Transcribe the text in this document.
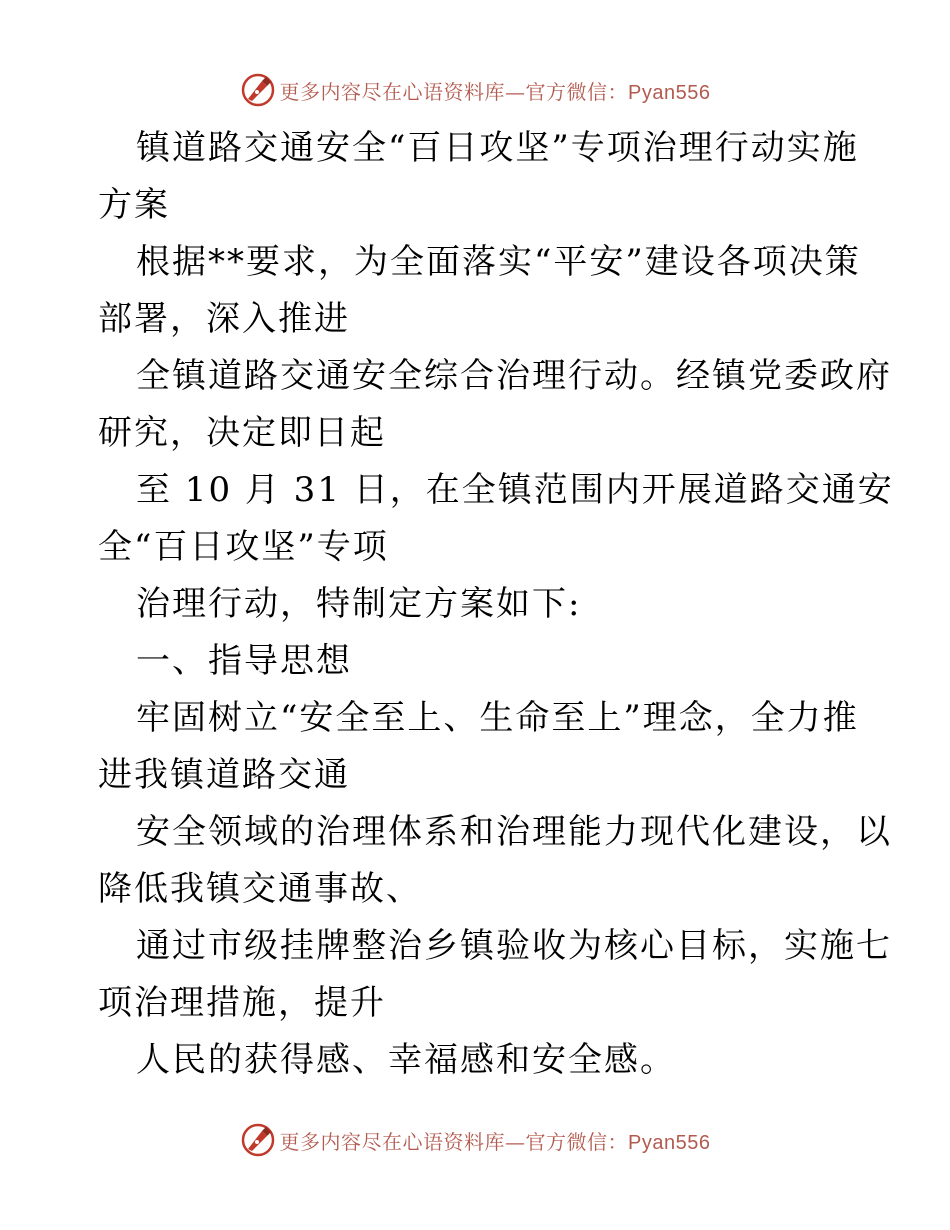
更多内容尽在心语资料库—官方微信：Pyan556
镇道路交通安全“百日攻坚”专项治理行动实施
方案
根据**要求，为全面落实“平安”建设各项决策
部署，深入推进
全镇道路交通安全综合治理行动。经镇党委政府
研究，决定即日起
至 10 月 31 日，在全镇范围内开展道路交通安
全“百日攻坚”专项
治理行动，特制定方案如下:
一、指导思想
牢固树立“安全至上、生命至上”理念，全力推
进我镇道路交通
安全领域的治理体系和治理能力现代化建设，以
降低我镇交通事故、
通过市级挂牌整治乡镇验收为核心目标，实施七
项治理措施，提升
人民的获得感、幸福感和安全感。
更多内容尽在心语资料库—官方微信：Pyan556
